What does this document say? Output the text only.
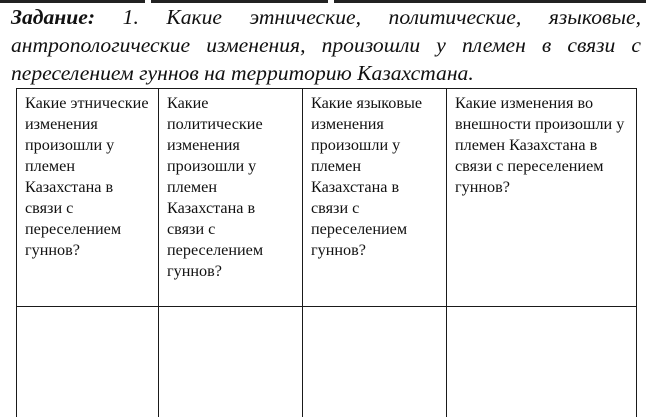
Задание: 1. Какие этнические, политические, языковые, антропологические изменения, произошли у племен в связи с переселением гуннов на территорию Казахстана.

Какие этнические изменения произошли у племен Казахстана в связи с переселением гуннов?	Какие политические изменения произошли у племен Казахстана в связи с переселением гуннов?	Какие языковые изменения произошли у племен Казахстана в связи с переселением гуннов?	Какие изменения во внешности произошли у племен Казахстана в связи с переселением гуннов?
